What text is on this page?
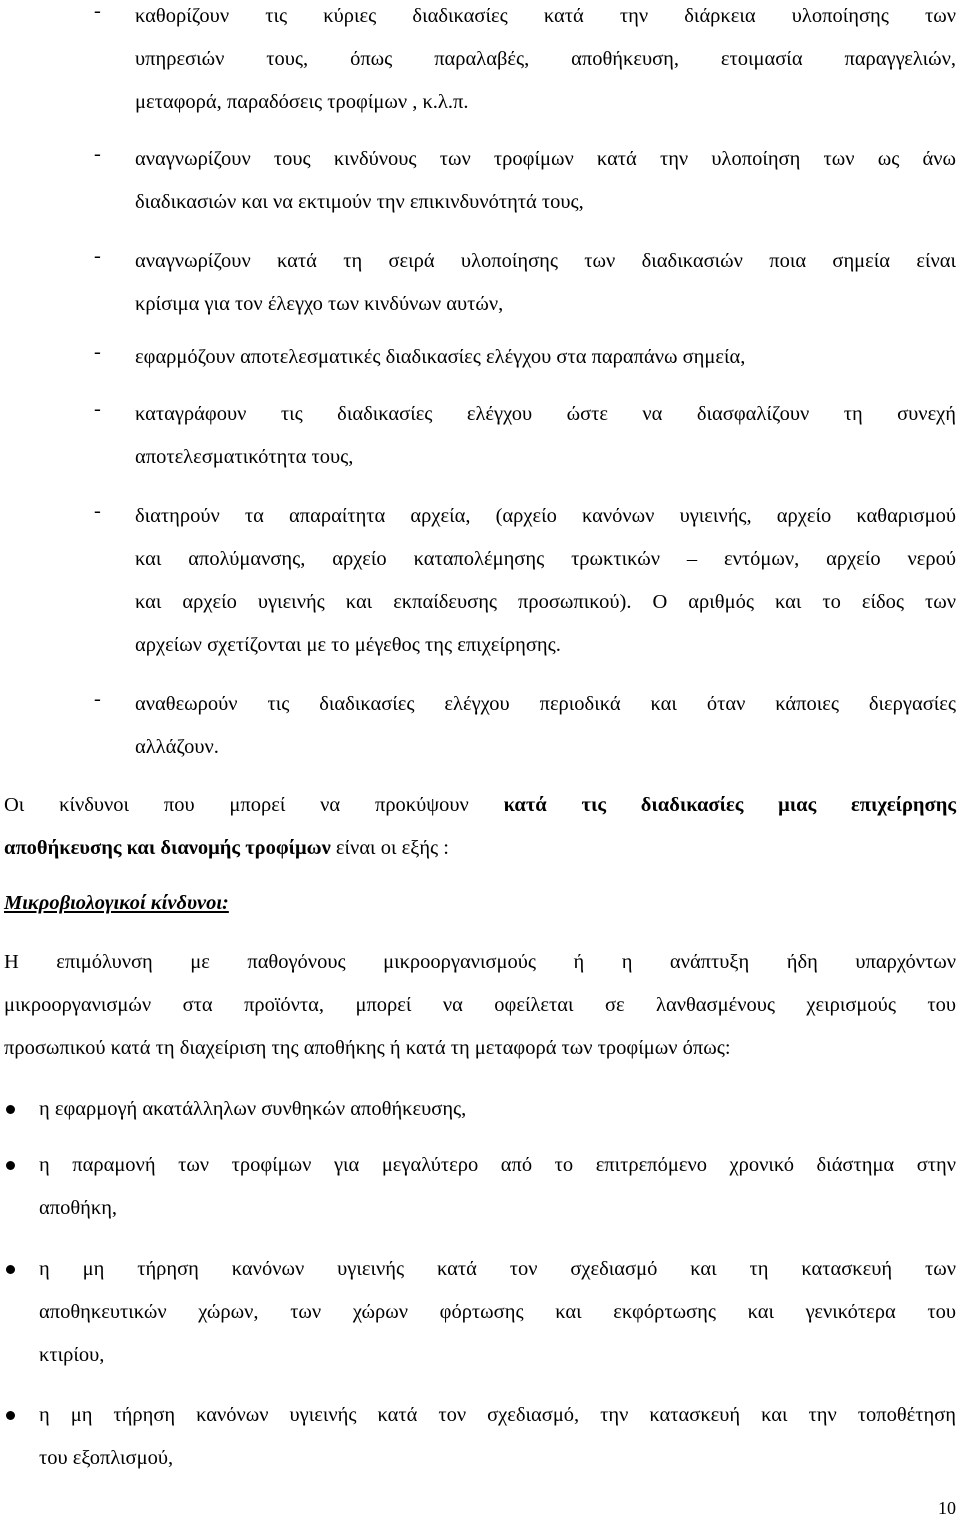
- καθορίζουν τις κύριες διαδικασίες κατά την διάρκεια υλοποίησης των
υπηρεσιών τους, όπως παραλαβές, αποθήκευση, ετοιμασία παραγγελιών,
μεταφορά, παραδόσεις τροφίμων , κ.λ.π.
- αναγνωρίζουν τους κινδύνους των τροφίμων κατά την υλοποίηση των ως άνω
διαδικασιών και να εκτιμούν την επικινδυνότητά τους,
- αναγνωρίζουν κατά τη σειρά υλοποίησης των διαδικασιών ποια σημεία είναι
κρίσιμα για τον έλεγχο των κινδύνων αυτών,
- εφαρμόζουν αποτελεσματικές διαδικασίες ελέγχου στα παραπάνω σημεία,
- καταγράφουν τις διαδικασίες ελέγχου ώστε να διασφαλίζουν τη συνεχή
αποτελεσματικότητα τους,
- διατηρούν τα απαραίτητα αρχεία, (αρχείο κανόνων υγιεινής, αρχείο καθαρισμού
και απολύμανσης, αρχείο καταπολέμησης τρωκτικών – εντόμων, αρχείο νερού
και αρχείο υγιεινής και εκπαίδευσης προσωπικού). Ο αριθμός και το είδος των
αρχείων σχετίζονται με το μέγεθος της επιχείρησης.
- αναθεωρούν τις διαδικασίες ελέγχου περιοδικά και όταν κάποιες διεργασίες
αλλάζουν.
Οι κίνδυνοι που μπορεί να προκύψουν κατά τις διαδικασίες μιας επιχείρησης
αποθήκευσης και διανομής τροφίμων είναι οι εξής :
Μικροβιολογικοί κίνδυνοι:
Η επιμόλυνση με παθογόνους μικροοργανισμούς ή η ανάπτυξη ήδη υπαρχόντων
μικροοργανισμών στα προϊόντα, μπορεί να οφείλεται σε λανθασμένους χειρισμούς του
προσωπικού κατά τη διαχείριση της αποθήκης ή κατά τη μεταφορά των τροφίμων όπως:
η εφαρμογή ακατάλληλων συνθηκών αποθήκευσης,
η παραμονή των τροφίμων για μεγαλύτερο από το επιτρεπόμενο χρονικό διάστημα στην
αποθήκη,
η μη τήρηση κανόνων υγιεινής κατά τον σχεδιασμό και τη κατασκευή των
αποθηκευτικών χώρων, των χώρων φόρτωσης και εκφόρτωσης και γενικότερα του
κτιρίου,
η μη τήρηση κανόνων υγιεινής κατά τον σχεδιασμό, την κατασκευή και την τοποθέτηση
του εξοπλισμού,
10
